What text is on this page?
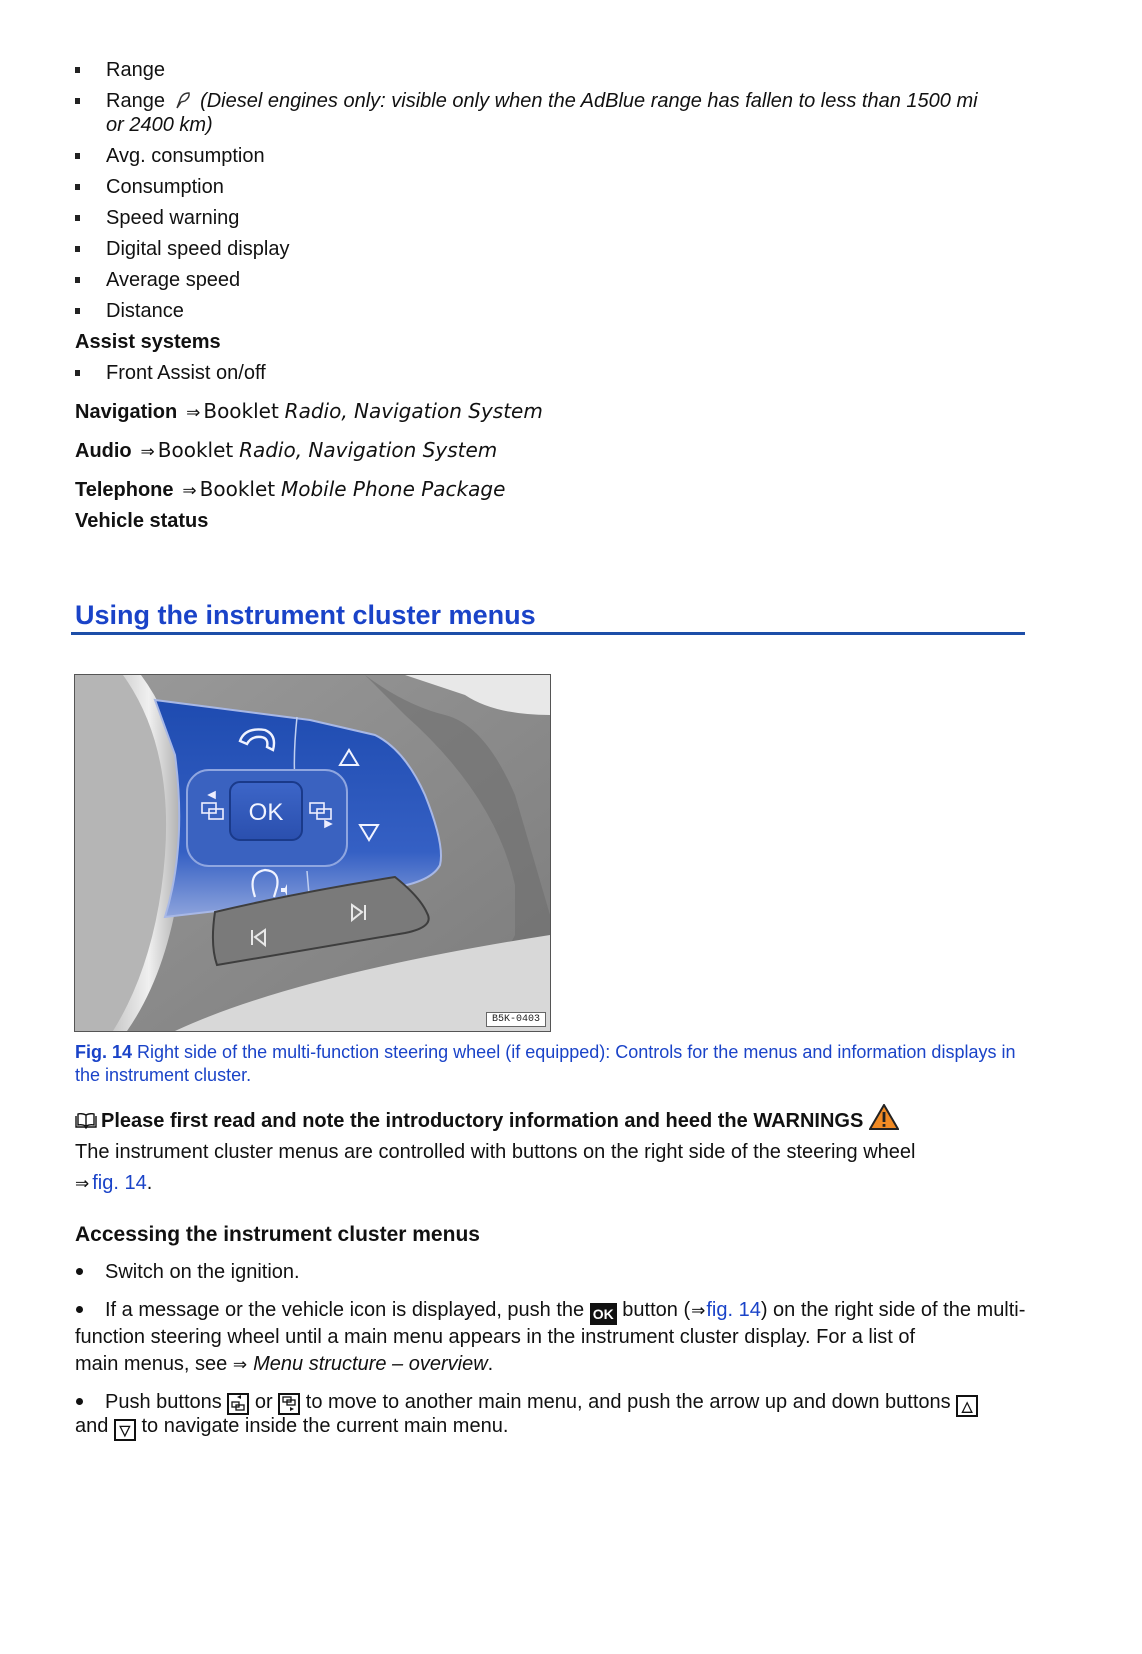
Range
Range (Diesel engines only: visible only when the AdBlue range has fallen to less than 1500 mi
or 2400 km)
Avg. consumption
Consumption
Speed warning
Digital speed display
Average speed
Distance
Assist systems
Front Assist on/off
Navigation ⇒ Booklet Radio, Navigation System
Audio ⇒ Booklet Radio, Navigation System
Telephone ⇒ Booklet Mobile Phone Package
Vehicle status
Using the instrument cluster menus
OK
B5K-0403
Fig. 14 Right side of the multi-function steering wheel (if equipped): Controls for the menus and information displays in the instrument cluster.
Please first read and note the introductory information and heed the WARNINGS
The instrument cluster menus are controlled with buttons on the right side of the steering wheel
⇒ fig. 14.
Accessing the instrument cluster menus
Switch on the ignition.
If a message or the vehicle icon is displayed, push the OK button (⇒fig. 14) on the right side of the multi-function steering wheel until a main menu appears in the instrument cluster display. For a list of
main menus, see ⇒ Menu structure – overview.
Push buttons  or  to move to another main menu, and push the arrow up and down buttons △
and ▽ to navigate inside the current main menu.
